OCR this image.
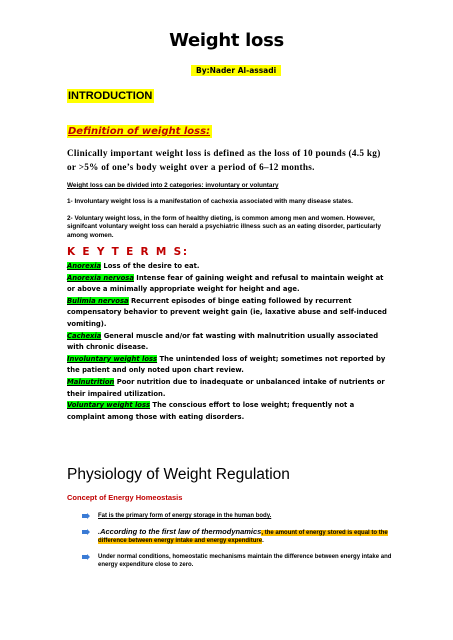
Weight loss
By:Nader Al-assadi
INTRODUCTION
Definition of weight loss:
Clinically important weight loss is defined as the loss of 10 pounds (4.5 kg)
or >5% of one’s body weight over a period of 6–12 months.
Weight loss can be divided into 2 categories: involuntary or voluntary
1- Involuntary weight loss is a manifestation of cachexia associated with many disease states.
2- Voluntary weight loss, in the form of healthy dieting, is common among men and women. However, signifcant voluntary weight loss can herald a psychiatric illness such as an eating disorder, particularly among women.
K E Y T E R M S:
Anorexia Loss of the desire to eat.
Anorexia nervosa Intense fear of gaining weight and refusal to maintain weight at or above a minimally appropriate weight for height and age.
Bulimia nervosa Recurrent episodes of binge eating followed by recurrent compensatory behavior to prevent weight gain (ie, laxative abuse and self-induced vomiting).
Cachexia General muscle and/or fat wasting with malnutrition usually associated with chronic disease.
Involuntary weight loss The unintended loss of weight; sometimes not reported by the patient and only noted upon chart review.
Malnutrition Poor nutrition due to inadequate or unbalanced intake of nutrients or their impaired utilization.
Voluntary weight loss The conscious effort to lose weight; frequently not a complaint among those with eating disorders.
Physiology of Weight Regulation
Concept of Energy Homeostasis
Fat is the primary form of energy storage in the human body.
.According to the first law of thermodynamics, the amount of energy stored is equal to the difference between energy intake and energy expenditure.
Under normal conditions, homeostatic mechanisms maintain the difference between energy intake and energy expenditure close to zero.
